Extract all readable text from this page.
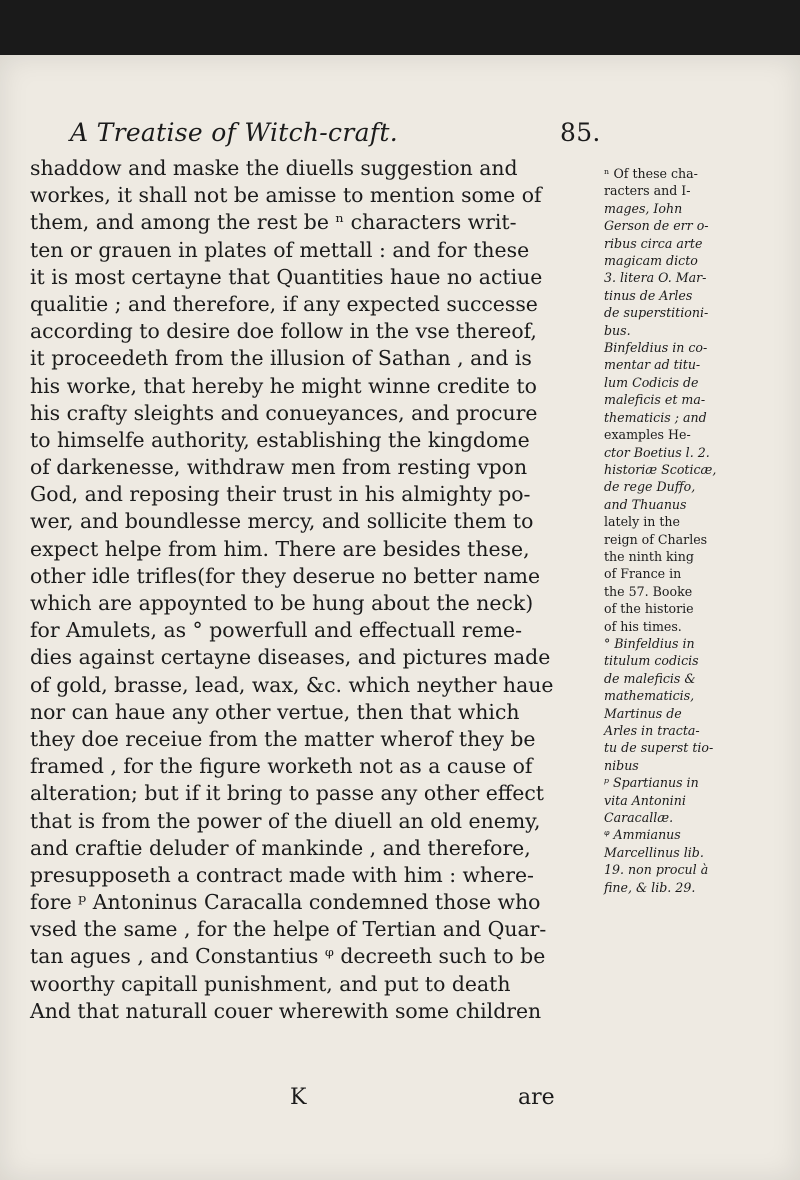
A Treatise of Witch-craft.	85.
shaddow and maske the diuells suggestion and
workes, it shall not be amisse to mention some of
them, and among the rest be ⁿ characters writ-
ten or grauen in plates of mettall : and for these
it is most certayne that Quantities haue no actiue
qualitie ; and therefore, if any expected successe
according to desire doe follow in the vse thereof,
it proceedeth from the illusion of Sathan , and is
his worke, that hereby he might winne credite to
his crafty sleights and conueyances, and procure
to himselfe authority, establishing the kingdome
of darkenesse, withdraw men from resting vpon
God, and reposing their trust in his almighty po-
wer, and boundlesse mercy, and sollicite them to
expect helpe from him. There are besides these,
other idle trifles(for they deserue no better name
which are appoynted to be hung about the neck)
for Amulets, as ° powerfull and effectuall reme-
dies against certayne diseases, and pictures made
of gold, brasse, lead, wax, &c. which neyther haue
nor can haue any other vertue, then that which
they doe receiue from the matter wherof they be
framed , for the figure worketh not as a cause of
alteration; but if it bring to passe any other effect
that is from the power of the diuell an old enemy,
and craftie deluder of mankinde , and therefore,
presupposeth a contract made with him : where-
fore ᵖ Antoninus Caracalla condemned those who
vsed the same , for the helpe of Tertian and Quar-
tan agues , and Constantius ᵠ decreeth such to be
woorthy capitall punishment, and put to death
And that naturall couer wherewith some children
ⁿ Of these cha-
racters and I-
mages, Iohn
Gerson de err o-
ribus circa arte
magicam dicto
3. litera O. Mar-
tinus de Arles
de superstitioni-
bus.
Binfeldius in co-
mentar ad titu-
lum Codicis de
maleficis et ma-
thematicis ; and
examples He-
ctor Boetius l. 2.
historiæ Scoticæ,
de rege Duffo,
and Thuanus
lately in the
reign of Charles
the ninth king
of France in
the 57. Booke
of the historie
of his times.
° Binfeldius in
titulum codicis
de maleficis &
mathematicis,
Martinus de
Arles in tracta-
tu de superst tio-
nibus
ᵖ Spartianus in
vita Antonini
Caracallæ.
ᵠ Ammianus
Marcellinus lib.
19. non procul à
fine, & lib. 29.
K	are
